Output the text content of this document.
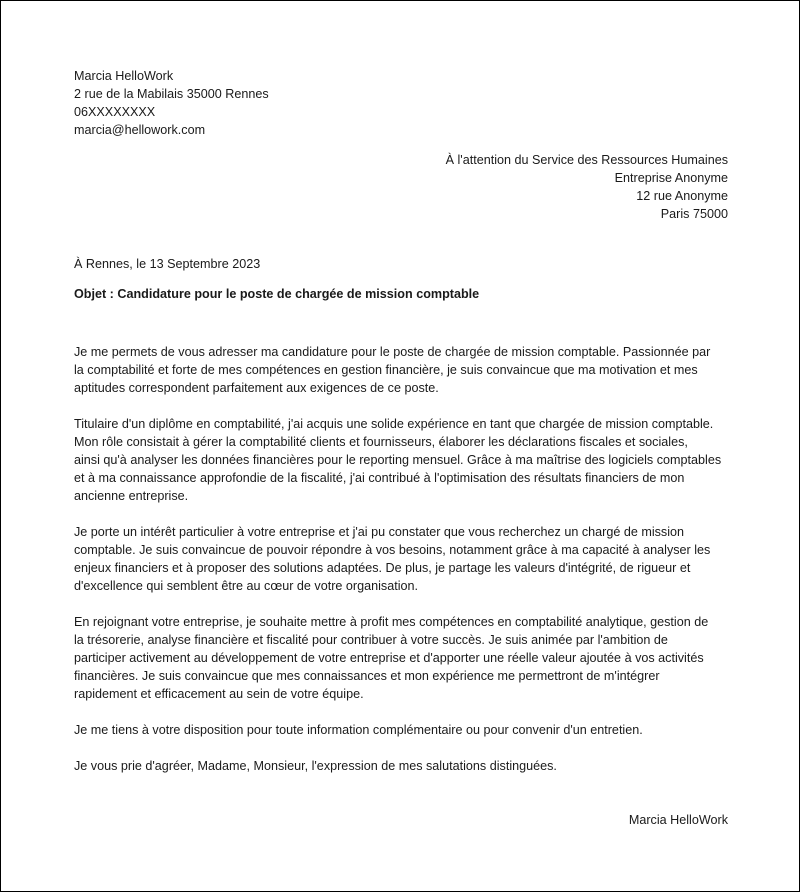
Marcia HelloWork
2 rue de la Mabilais 35000 Rennes
06XXXXXXXX
marcia@hellowork.com
À l'attention du Service des Ressources Humaines
Entreprise Anonyme
12 rue Anonyme
Paris 75000
À Rennes, le 13 Septembre 2023
Objet : Candidature pour le poste de chargée de mission comptable
Je me permets de vous adresser ma candidature pour le poste de chargée de mission comptable. Passionnée par
la comptabilité et forte de mes compétences en gestion financière, je suis convaincue que ma motivation et mes
aptitudes correspondent parfaitement aux exigences de ce poste.
Titulaire d'un diplôme en comptabilité, j'ai acquis une solide expérience en tant que chargée de mission comptable.
Mon rôle consistait à gérer la comptabilité clients et fournisseurs, élaborer les déclarations fiscales et sociales,
ainsi qu'à analyser les données financières pour le reporting mensuel. Grâce à ma maîtrise des logiciels comptables
et à ma connaissance approfondie de la fiscalité, j'ai contribué à l'optimisation des résultats financiers de mon
ancienne entreprise.
Je porte un intérêt particulier à votre entreprise et j'ai pu constater que vous recherchez un chargé de mission
comptable. Je suis convaincue de pouvoir répondre à vos besoins, notamment grâce à ma capacité à analyser les
enjeux financiers et à proposer des solutions adaptées. De plus, je partage les valeurs d'intégrité, de rigueur et
d'excellence qui semblent être au cœur de votre organisation.
En rejoignant votre entreprise, je souhaite mettre à profit mes compétences en comptabilité analytique, gestion de
la trésorerie, analyse financière et fiscalité pour contribuer à votre succès. Je suis animée par l'ambition de
participer activement au développement de votre entreprise et d'apporter une réelle valeur ajoutée à vos activités
financières. Je suis convaincue que mes connaissances et mon expérience me permettront de m'intégrer
rapidement et efficacement au sein de votre équipe.
Je me tiens à votre disposition pour toute information complémentaire ou pour convenir d'un entretien.
Je vous prie d'agréer, Madame, Monsieur, l'expression de mes salutations distinguées.
Marcia HelloWork
